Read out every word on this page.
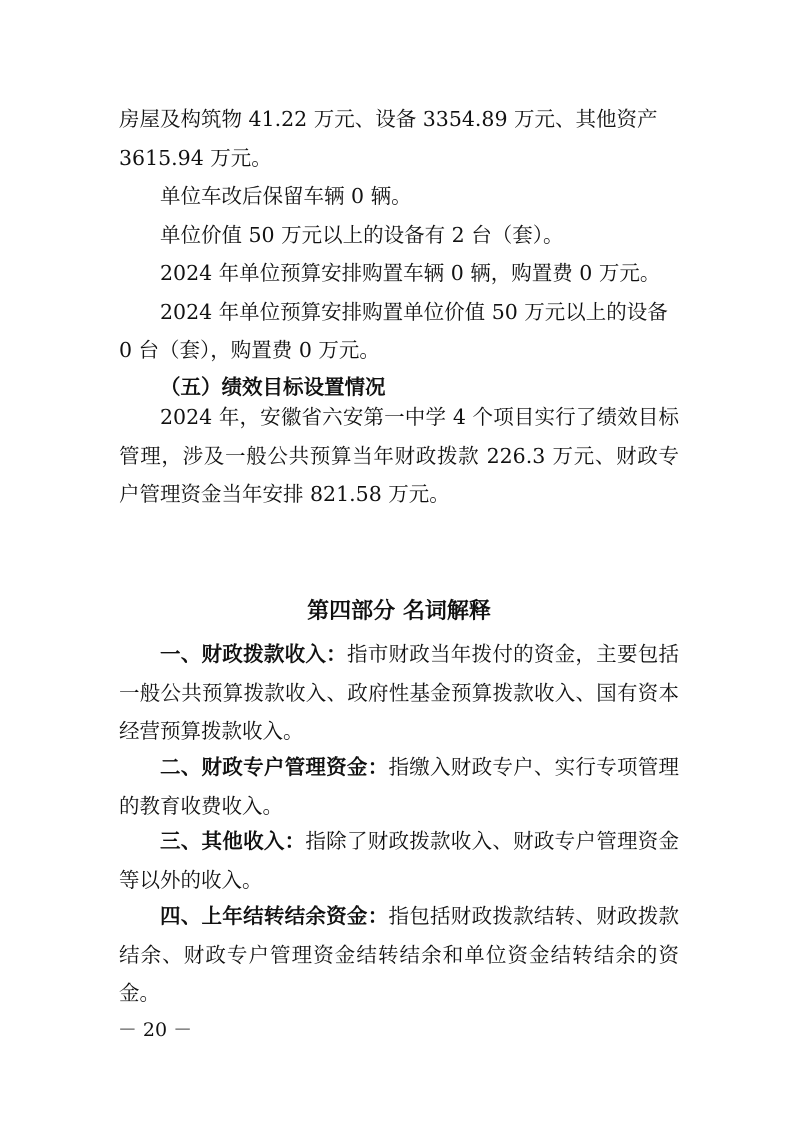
房屋及构筑物 41.22 万元、设备 3354.89 万元、其他资产

3615.94 万元。

单位车改后保留车辆 0 辆。

单位价值 50 万元以上的设备有 2 台（套）。

2024 年单位预算安排购置车辆 0 辆，购置费 0 万元。

2024 年单位预算安排购置单位价值 50 万元以上的设备

0 台（套），购置费 0 万元。

（五）绩效目标设置情况

2024 年，安徽省六安第一中学 4 个项目实行了绩效目标管理，涉及一般公共预算当年财政拨款 226.3 万元、财政专户管理资金当年安排 821.58 万元。

第四部分 名词解释

一、财政拨款收入：指市财政当年拨付的资金，主要包括一般公共预算拨款收入、政府性基金预算拨款收入、国有资本经营预算拨款收入。

二、财政专户管理资金：指缴入财政专户、实行专项管理的教育收费收入。

三、其他收入：指除了财政拨款收入、财政专户管理资金等以外的收入。

四、上年结转结余资金：指包括财政拨款结转、财政拨款结余、财政专户管理资金结转结余和单位资金结转结余的资金。

－ 20 －
